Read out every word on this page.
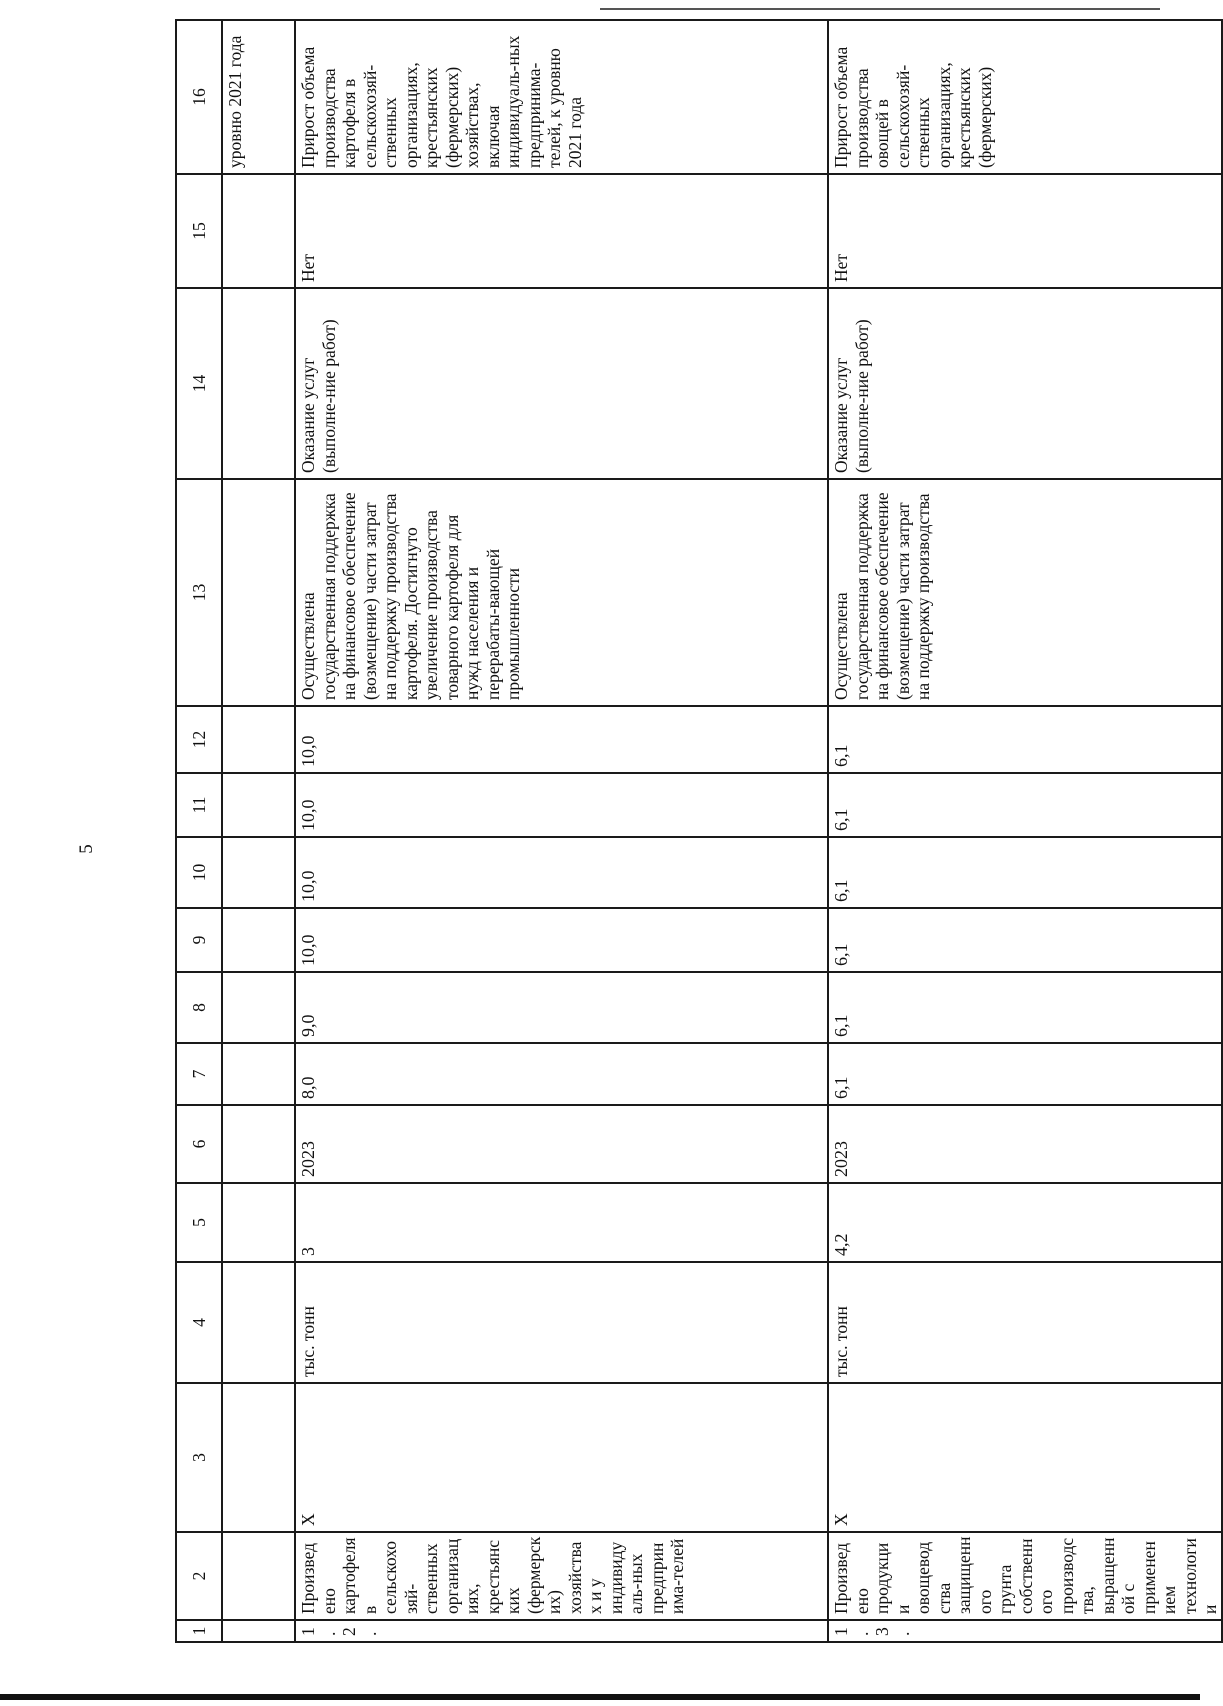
5
1	2	3	4	5	6	7	8	9	10	11	12	13	14	15	16
															уровню 2021 года
1.2.	Произведено картофеля в сельскохозяй-ственных организациях, крестьянских (фермерских) хозяйствах и у индивидуаль-ных предпринима-телей	Х	тыс. тонн	3	2023	8,0	9,0	10,0	10,0	10,0	10,0	Осуществлена государственная поддержка на финансовое обеспечение (возмещение) части затрат на поддержку производства картофеля. Достигнуто увеличение производства товарного картофеля для нужд населения и перерабаты-вающей промышленности	Оказание услуг (выполне-ние работ)	Нет	Прирост объема производства картофеля в сельскохозяй-ственных организациях, крестьянских (фермерских) хозяйствах, включая индивидуаль-ных предпринима-телей, к уровню 2021 года
1.3.	Произведено продукции овощеводства защищенного грунта собственного производства, выращенной с применением технологии	Х	тыс. тонн	4,2	2023	6,1	6,1	6,1	6,1	6,1	6,1	Осуществлена государственная поддержка на финансовое обеспечение (возмещение) части затрат на поддержку производства	Оказание услуг (выполне-ние работ)	Нет	Прирост объема производства овощей в сельскохозяй-ственных организациях, крестьянских (фермерских)
